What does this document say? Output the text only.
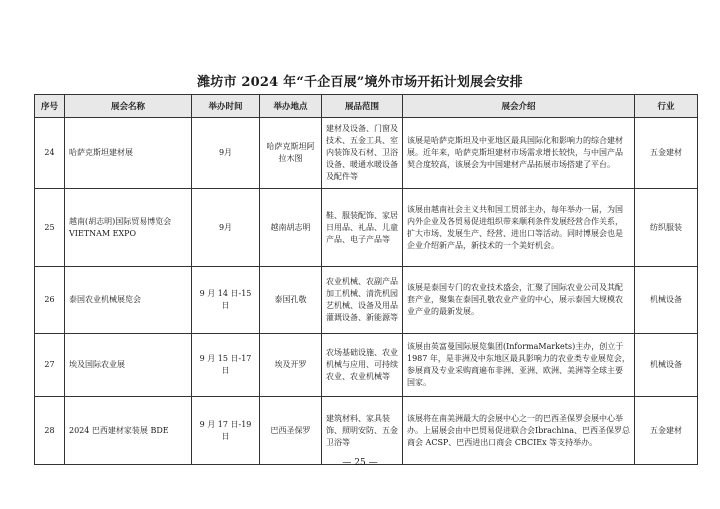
潍坊市 2024 年“千企百展”境外市场开拓计划展会安排
序号	展会名称	举办时间	举办地点	展品范围	展会介绍	行业
24	哈萨克斯坦建材展	9月	哈萨克斯坦阿拉木图	建材及设备、门窗及技术、五金工具、室内装饰及石材、卫浴设备、暖通水暖设备及配件等	该展是哈萨克斯坦及中亚地区最具国际化和影响力的综合建材展。近年来，哈萨克斯坦建材市场需求增长较快，与中国产品契合度较高，该展会为中国建材产品拓展市场搭建了平台。	五金建材
25	越南(胡志明)国际贸易博览会 VIETNAM EXPO	9月	越南胡志明	鞋、服装配饰、家居日用品、礼品、儿童产品、电子产品等	该展由越南社会主义共和国工贸部主办，每年举办一届，为国内外企业及各贸易促进组织带来顺利条件发展经营合作关系，扩大市场、发展生产、经营、进出口等活动。同时博展会也是企业介绍新产品，新技术的一个美好机会。	纺织服装
26	泰国农业机械展览会	9 月 14 日-15 日	泰国孔敬	农业机械、农副产品加工机械、清洗机园艺机械、设备及用品灌溉设备、新能源等	该展是泰国专门的农业技术盛会，汇聚了国际农业公司及其配套产业，聚集在泰国孔敬农业产业的中心，展示泰国大规模农业产业的最新发展。	机械设备
27	埃及国际农业展	9 月 15 日-17 日	埃及开罗	农场基础设施、农业机械与应用、可持续农业、农业机械等	该展由英富曼国际展览集团(InformaMarkets)主办，创立于 1987 年，是非洲及中东地区最具影响力的农业类专业展览会，参展商及专业采购商遍布非洲、亚洲、欧洲、美洲等全球主要国家。	机械设备
28	2024 巴西建材家装展 BDE	9 月 17 日-19 日	巴西圣保罗	建筑材料、家具装饰、照明安防、五金卫浴等	该展将在南美洲最大的会展中心之一的巴西圣保罗会展中心举办。上届展会由中巴贸易促进联合会Ibrachina、巴西圣保罗总商会 ACSP、巴西进出口商会 CBCIEx 等支持举办。	五金建材
— 25 —
